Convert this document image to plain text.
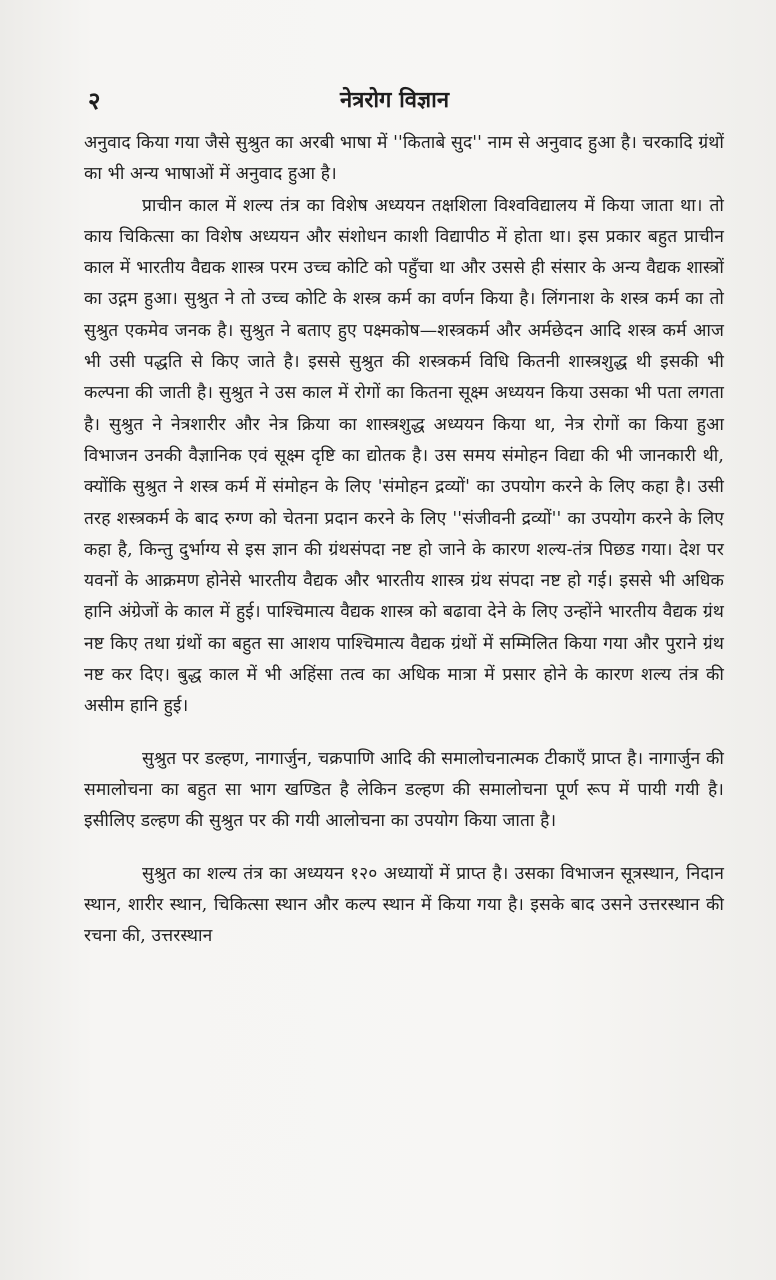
२	नेत्ररोग विज्ञान

अनुवाद किया गया जैसे सुश्रुत का अरबी भाषा में ''किताबे सुद'' नाम से अनुवाद हुआ है। चरकादि ग्रंथों का भी अन्य भाषाओं में अनुवाद हुआ है।

प्राचीन काल में शल्य तंत्र का विशेष अध्ययन तक्षशिला विश्वविद्यालय में किया जाता था। तो काय चिकित्सा का विशेष अध्ययन और संशोधन काशी विद्यापीठ में होता था। इस प्रकार बहुत प्राचीन काल में भारतीय वैद्यक शास्त्र परम उच्च कोटि को पहुँचा था और उससे ही संसार के अन्य वैद्यक शास्त्रों का उद्गम हुआ। सुश्रुत ने तो उच्च कोटि के शस्त्र कर्म का वर्णन किया है। लिंगनाश के शस्त्र कर्म का तो सुश्रुत एकमेव जनक है। सुश्रुत ने बताए हुए पक्ष्मकोष—शस्त्रकर्म और अर्मछेदन आदि शस्त्र कर्म आज भी उसी पद्धति से किए जाते है। इससे सुश्रुत की शस्त्रकर्म विधि कितनी शास्त्रशुद्ध थी इसकी भी कल्पना की जाती है। सुश्रुत ने उस काल में रोगों का कितना सूक्ष्म अध्ययन किया उसका भी पता लगता है। सुश्रुत ने नेत्रशारीर और नेत्र क्रिया का शास्त्रशुद्ध अध्ययन किया था, नेत्र रोगों का किया हुआ विभाजन उनकी वैज्ञानिक एवं सूक्ष्म दृष्टि का द्योतक है। उस समय संमोहन विद्या की भी जानकारी थी, क्योंकि सुश्रुत ने शस्त्र कर्म में संमोहन के लिए 'संमोहन द्रव्यों' का उपयोग करने के लिए कहा है। उसी तरह शस्त्रकर्म के बाद रुग्ण को चेतना प्रदान करने के लिए ''संजीवनी द्रव्यों'' का उपयोग करने के लिए कहा है, किन्तु दुर्भाग्य से इस ज्ञान की ग्रंथसंपदा नष्ट हो जाने के कारण शल्य-तंत्र पिछड गया। देश पर यवनों के आक्रमण होनेसे भारतीय वैद्यक और भारतीय शास्त्र ग्रंथ संपदा नष्ट हो गई। इससे भी अधिक हानि अंग्रेजों के काल में हुई। पाश्चिमात्य वैद्यक शास्त्र को बढावा देने के लिए उन्होंने भारतीय वैद्यक ग्रंथ नष्ट किए तथा ग्रंथों का बहुत सा आशय पाश्चिमात्य वैद्यक ग्रंथों में सम्मिलित किया गया और पुराने ग्रंथ नष्ट कर दिए। बुद्ध काल में भी अहिंसा तत्व का अधिक मात्रा में प्रसार होने के कारण शल्य तंत्र की असीम हानि हुई।

सुश्रुत पर डल्हण, नागार्जुन, चक्रपाणि आदि की समालोचनात्मक टीकाएँ प्राप्त है। नागार्जुन की समालोचना का बहुत सा भाग खण्डित है लेकिन डल्हण की समालोचना पूर्ण रूप में पायी गयी है। इसीलिए डल्हण की सुश्रुत पर की गयी आलोचना का उपयोग किया जाता है।

सुश्रुत का शल्य तंत्र का अध्ययन १२० अध्यायों में प्राप्त है। उसका विभाजन सूत्रस्थान, निदान स्थान, शारीर स्थान, चिकित्सा स्थान और कल्प स्थान में किया गया है। इसके बाद उसने उत्तरस्थान की रचना की, उत्तरस्थान
